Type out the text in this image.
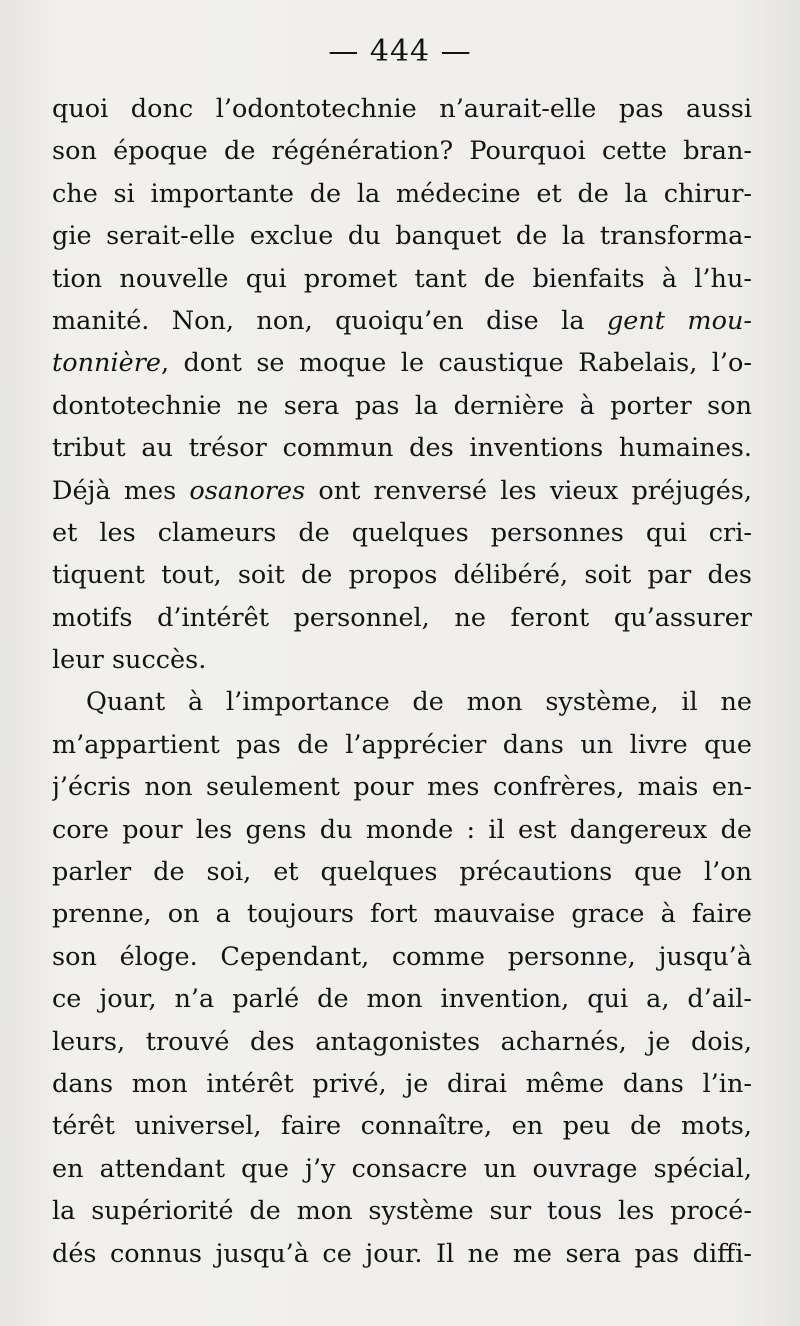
— 444 —
quoi donc l’odontotechnie n’aurait-elle pas aussi
son époque de régénération? Pourquoi cette bran-
che si importante de la médecine et de la chirur-
gie serait-elle exclue du banquet de la transforma-
tion nouvelle qui promet tant de bienfaits à l’hu-
manité. Non, non, quoiqu’en dise la gent mou-
tonnière, dont se moque le caustique Rabelais, l’o-
dontotechnie ne sera pas la dernière à porter son
tribut au trésor commun des inventions humaines.
Déjà mes osanores ont renversé les vieux préjugés,
et les clameurs de quelques personnes qui cri-
tiquent tout, soit de propos délibéré, soit par des
motifs d’intérêt personnel, ne feront qu’assurer
leur succès.
Quant à l’importance de mon système, il ne
m’appartient pas de l’apprécier dans un livre que
j’écris non seulement pour mes confrères, mais en-
core pour les gens du monde : il est dangereux de
parler de soi, et quelques précautions que l’on
prenne, on a toujours fort mauvaise grace à faire
son éloge. Cependant, comme personne, jusqu’à
ce jour, n’a parlé de mon invention, qui a, d’ail-
leurs, trouvé des antagonistes acharnés, je dois,
dans mon intérêt privé, je dirai même dans l’in-
térêt universel, faire connaître, en peu de mots,
en attendant que j’y consacre un ouvrage spécial,
la supériorité de mon système sur tous les procé-
dés connus jusqu’à ce jour. Il ne me sera pas diffi-
